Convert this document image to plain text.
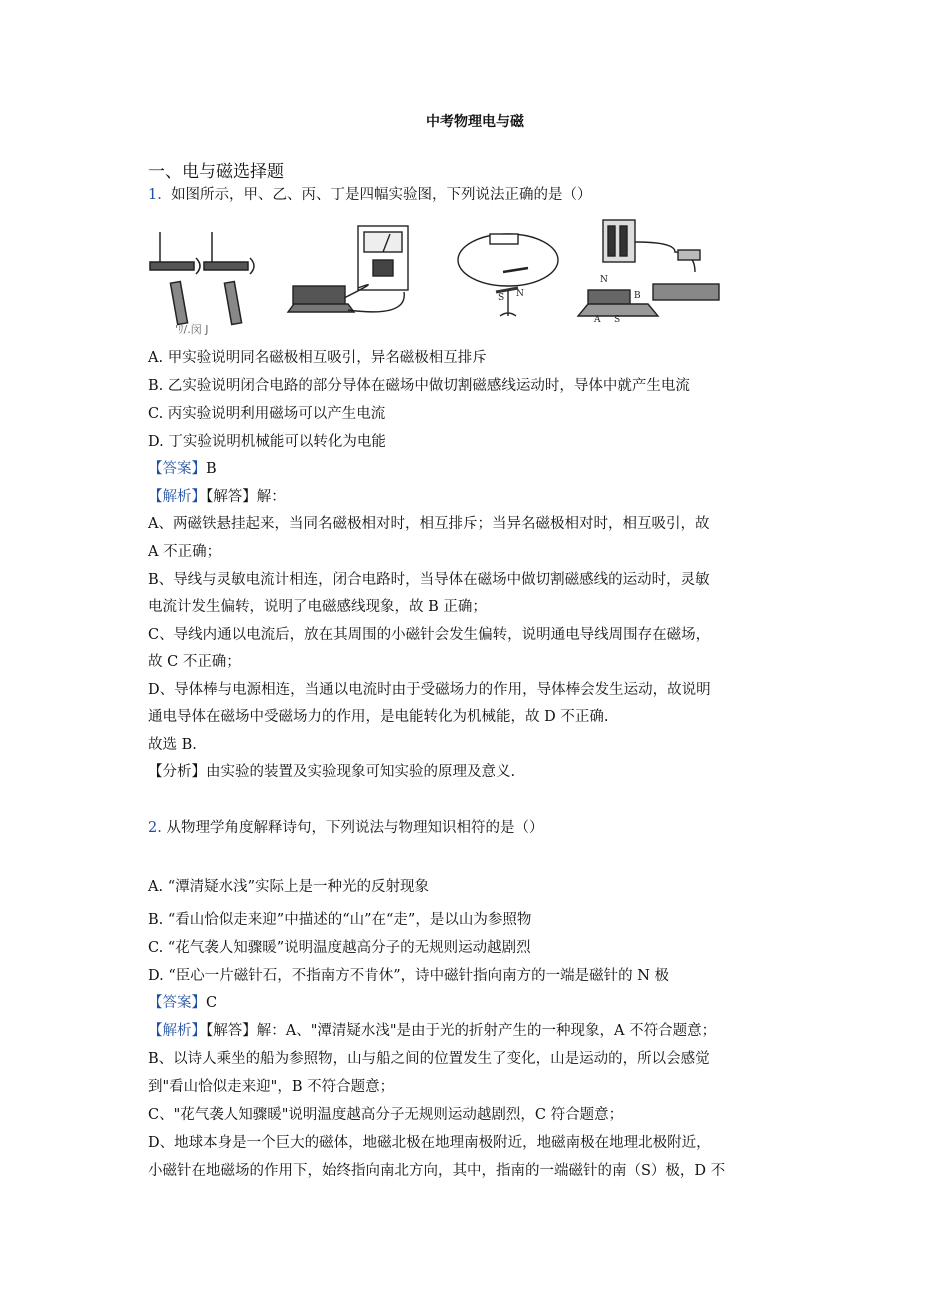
中考物理电与磁
一、电与磁选择题
1. 如图所示，甲、乙、丙、丁是四幅实验图，下列说法正确的是（）
S N
N
B
A S
'ﾘ/.闵 J
A. 甲实验说明同名磁极相互吸引，异名磁极相互排斥
B. 乙实验说明闭合电路的部分导体在磁场中做切割磁感线运动时，导体中就产生电流
C. 丙实验说明利用磁场可以产生电流
D. 丁实验说明机械能可以转化为电能
【答案】B
【解析】【解答】解：
A、两磁铁悬挂起来，当同名磁极相对时，相互排斥；当异名磁极相对时，相互吸引，故
A 不正确；
B、导线与灵敏电流计相连，闭合电路时，当导体在磁场中做切割磁感线的运动时，灵敏
电流计发生偏转，说明了电磁感线现象，故 B 正确；
C、导线内通以电流后，放在其周围的小磁针会发生偏转，说明通电导线周围存在磁场，
故 C 不正确；
D、导体棒与电源相连，当通以电流时由于受磁场力的作用，导体棒会发生运动，故说明
通电导体在磁场中受磁场力的作用，是电能转化为机械能，故 D 不正确.
故选 B.
【分析】由实验的装置及实验现象可知实验的原理及意义.
2. 从物理学角度解释诗句，下列说法与物理知识相符的是（）
A. “潭清疑水浅”实际上是一种光的反射现象
B. “看山恰似走来迎”中描述的“山”在“走”，是以山为参照物
C. “花气袭人知骤暖”说明温度越高分子的无规则运动越剧烈
D. “臣心一片磁针石，不指南方不肯休”，诗中磁针指向南方的一端是磁针的 N 极
【答案】C
【解析】【解答】解：A、"潭清疑水浅"是由于光的折射产生的一种现象，A 不符合题意；
B、以诗人乘坐的船为参照物，山与船之间的位置发生了变化，山是运动的，所以会感觉
到"看山恰似走来迎"，B 不符合题意；
C、"花气袭人知骤暖"说明温度越高分子无规则运动越剧烈，C 符合题意；
D、地球本身是一个巨大的磁体，地磁北极在地理南极附近，地磁南极在地理北极附近，
小磁针在地磁场的作用下，始终指向南北方向，其中，指南的一端磁针的南（S）极，D 不
